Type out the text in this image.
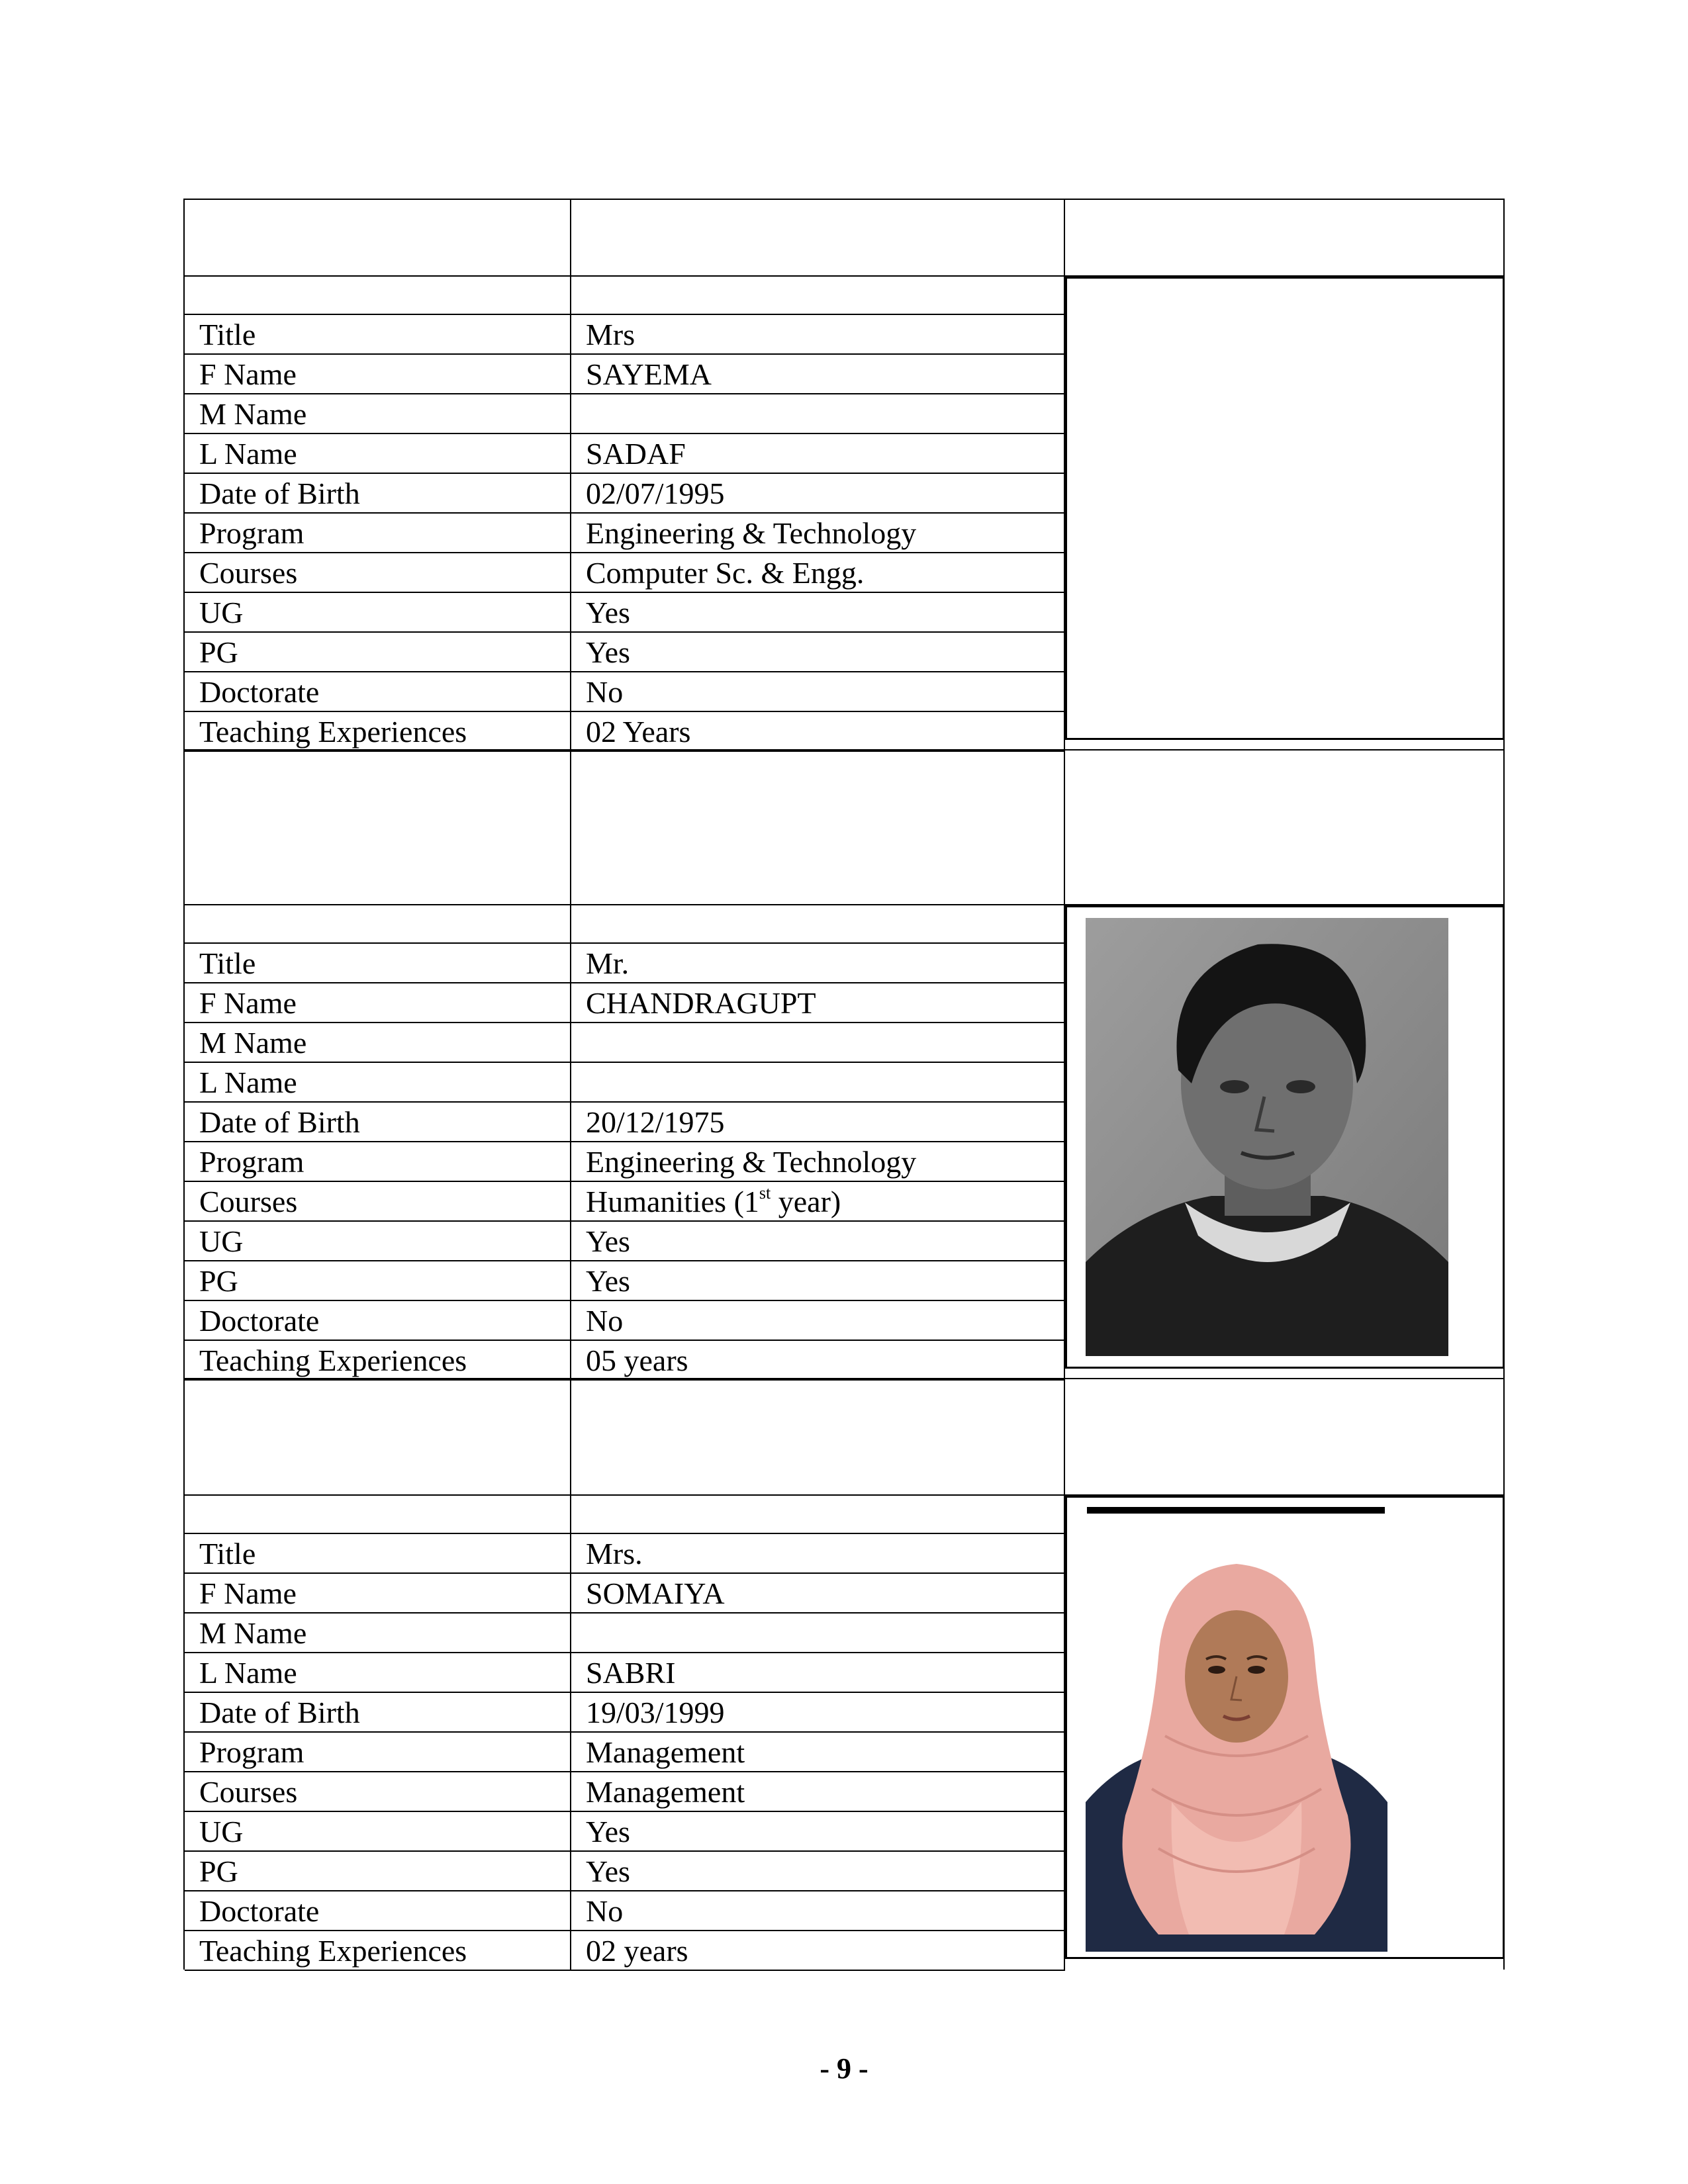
Title	Mrs
F Name	SAYEMA
M Name
L Name	SADAF
Date of Birth	02/07/1995
Program	Engineering & Technology
Courses	Computer Sc. & Engg.
UG	Yes
PG	Yes
Doctorate	No
Teaching Experiences	02 Years
Title	Mr.
F Name	CHANDRAGUPT
M Name
L Name
Date of Birth	20/12/1975
Program	Engineering & Technology
Courses	Humanities (1st year)
UG	Yes
PG	Yes
Doctorate	No
Teaching Experiences	05 years
Title	Mrs.
F Name	SOMAIYA
M Name
L Name	SABRI
Date of Birth	19/03/1999
Program	Management
Courses	Management
UG	Yes
PG	Yes
Doctorate	No
Teaching Experiences	02 years
- 9 -
